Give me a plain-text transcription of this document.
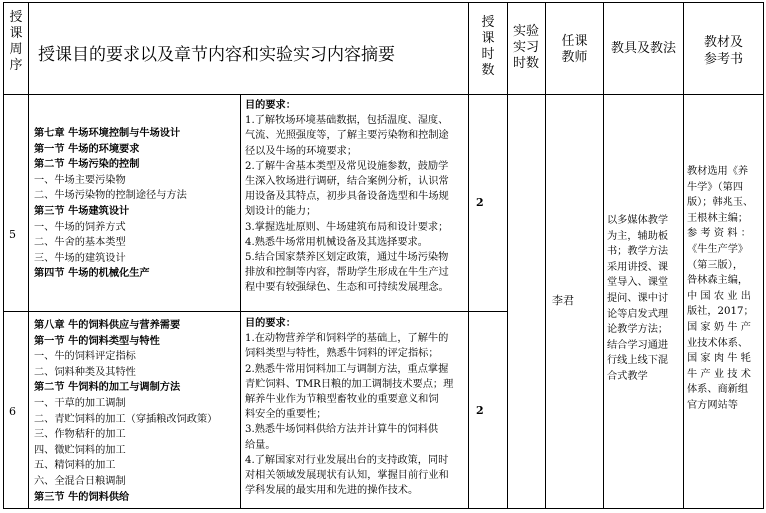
授
课
周
序
授课目的要求以及章节内容和实验实习内容摘要
授
课
时
数
实验
实习
时数
任课
教师
教具及教法	教材及
参考书
5
第七章 牛场环境控制与牛场设计
第一节 牛场的环境要求
第二节 牛场污染的控制
一、牛场主要污染物
二、牛场污染物的控制途径与方法
第三节 牛场建筑设计
一、牛场的饲养方式
二、牛舍的基本类型
三、牛场的建筑设计
第四节 牛场的机械化生产
目的要求：
1.了解牧场环境基础数据，包括温度、湿度、
气流、光照强度等，了解主要污染物和控制途
径以及牛场的环境要求；
2.了解牛舍基本类型及常见设施参数，鼓励学
生深入牧场进行调研，结合案例分析，认识常
用设备及其特点，初步具备设备选型和牛场规
划设计的能力；
3.掌握选址原则、牛场建筑布局和设计要求；
4.熟悉牛场常用机械设备及其选择要求。
5.结合国家禁养区划定政策，通过牛场污染物
排放和控制等内容，帮助学生形成在牛生产过
程中要有较强绿色、生态和可持续发展理念。
2
6
第八章 牛的饲料供应与营养需要
第一节 牛的饲料类型与特性
一、牛的饲料评定指标
二、饲料种类及其特性
第二节 牛饲料的加工与调制方法
一、干草的加工调制
二、青贮饲料的加工（穿插粮改饲政策）
三、作物秸秆的加工
四、微贮饲料的加工
五、精饲料的加工
六、全混合日粮调制
第三节 牛的饲料供给
目的要求：
1.在动物营养学和饲料学的基础上，了解牛的
饲料类型与特性，熟悉牛饲料的评定指标；
2.熟悉牛常用饲料加工与调制方法，重点掌握
青贮饲料、TMR日粮的加工调制技术要点；理
解养牛业作为节粮型畜牧业的重要意义和饲
料安全的重要性；
3.熟悉牛场饲料供给方法并计算牛的饲料供
给量。
4.了解国家对行业发展出台的支持政策，同时
对相关领域发展现状有认知，掌握目前行业和
学科发展的最实用和先进的操作技术。
2
李君
以多媒体教学
为主，辅助板
书；教学方法
采用讲授、课
堂导入、课堂
提问、课中讨
论等启发式理
论教学方法；
结合学习通进
行线上线下混
合式教学
教材选用《养
牛学》（第四
版）；韩兆玉、
王根林主编；
参 考 资 料 ：
《牛生产学》
（第三版），
昝林森主编，
中 国 农 业 出
版社，2017；
国 家 奶 牛 产
业技术体系、
国 家 肉 牛 牦
牛 产 业 技 术
体系、商新组
官方网站等
